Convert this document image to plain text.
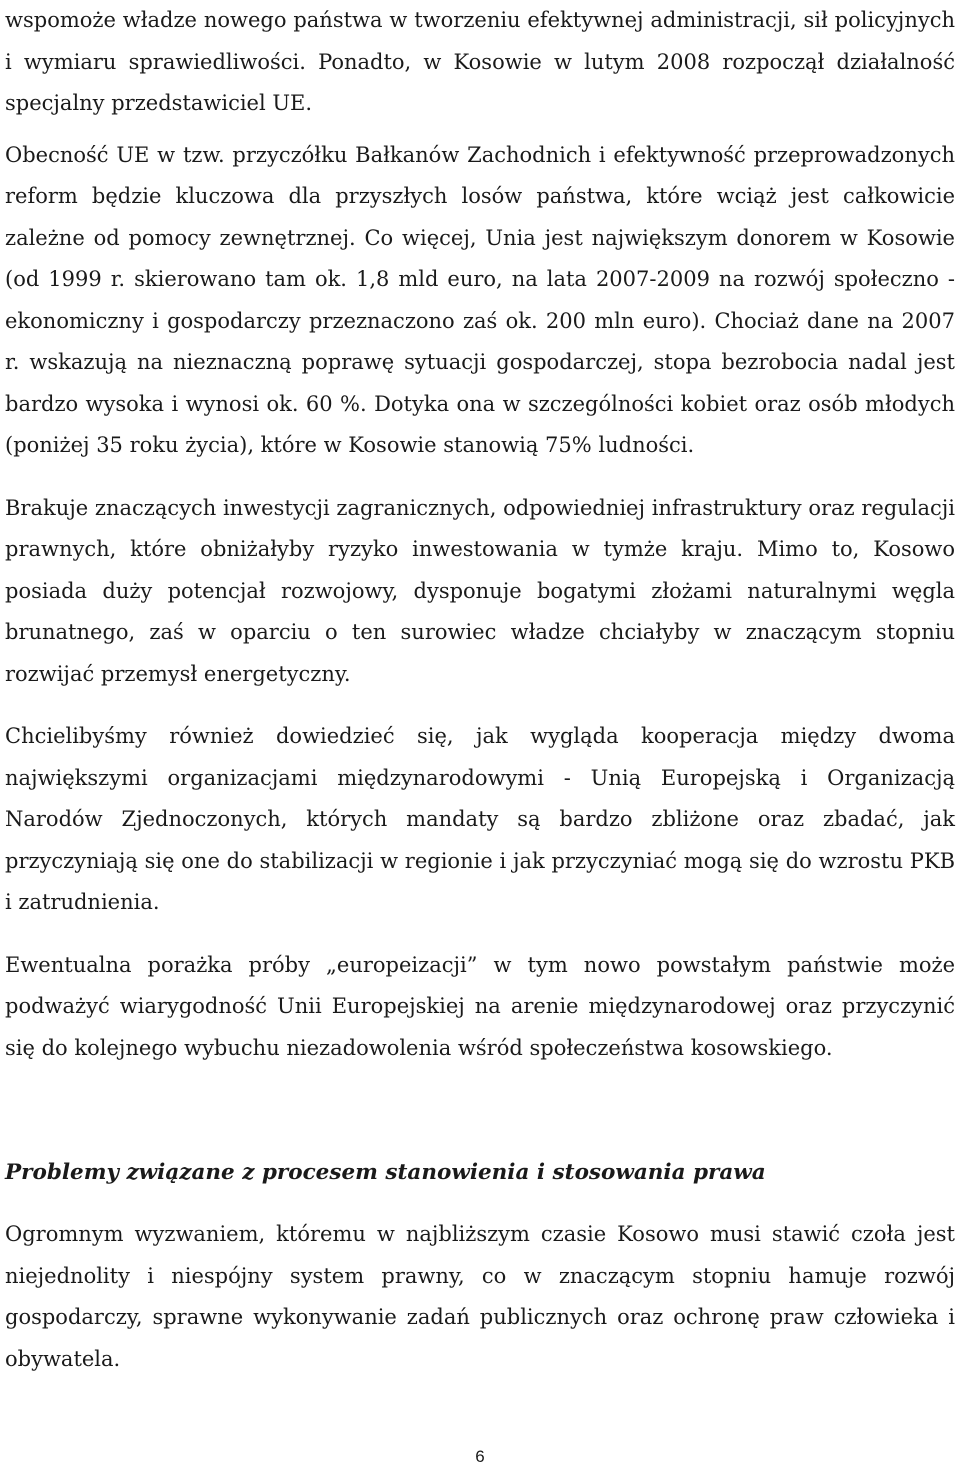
wspomoże władze nowego państwa w tworzeniu efektywnej administracji, sił policyjnych i wymiaru sprawiedliwości. Ponadto, w Kosowie w lutym 2008 rozpoczął działalność specjalny przedstawiciel UE.

Obecność UE w tzw. przyczółku Bałkanów Zachodnich i efektywność przeprowadzonych reform będzie kluczowa dla przyszłych losów państwa, które wciąż jest całkowicie zależne od pomocy zewnętrznej. Co więcej, Unia jest największym donorem w Kosowie (od 1999 r. skierowano tam ok. 1,8 mld euro, na lata 2007-2009 na rozwój społeczno - ekonomiczny i gospodarczy przeznaczono zaś ok. 200 mln euro). Chociaż dane na 2007 r. wskazują na nieznaczną poprawę sytuacji gospodarczej, stopa bezrobocia nadal jest bardzo wysoka i wynosi ok. 60 %. Dotyka ona w szczególności kobiet oraz osób młodych (poniżej 35 roku życia), które w Kosowie stanowią 75% ludności.

Brakuje znaczących inwestycji zagranicznych, odpowiedniej infrastruktury oraz regulacji prawnych, które obniżałyby ryzyko inwestowania w tymże kraju. Mimo to, Kosowo posiada duży potencjał rozwojowy, dysponuje bogatymi złożami naturalnymi węgla brunatnego, zaś w oparciu o ten surowiec władze chciałyby w znaczącym stopniu rozwijać przemysł energetyczny.

Chcielibyśmy również dowiedzieć się, jak wygląda kooperacja między dwoma największymi organizacjami międzynarodowymi - Unią Europejską i Organizacją Narodów Zjednoczonych, których mandaty są bardzo zbliżone oraz zbadać, jak przyczyniają się one do stabilizacji w regionie i jak przyczyniać mogą się do wzrostu PKB i zatrudnienia.

Ewentualna porażka próby „europeizacji” w tym nowo powstałym państwie może podważyć wiarygodność Unii Europejskiej na arenie międzynarodowej oraz przyczynić się do kolejnego wybuchu niezadowolenia wśród społeczeństwa kosowskiego.

Problemy związane z procesem stanowienia i stosowania prawa

Ogromnym wyzwaniem, któremu w najbliższym czasie Kosowo musi stawić czoła jest niejednolity i niespójny system prawny, co w znaczącym stopniu hamuje rozwój gospodarczy, sprawne wykonywanie zadań publicznych oraz ochronę praw człowieka i obywatela.

6
